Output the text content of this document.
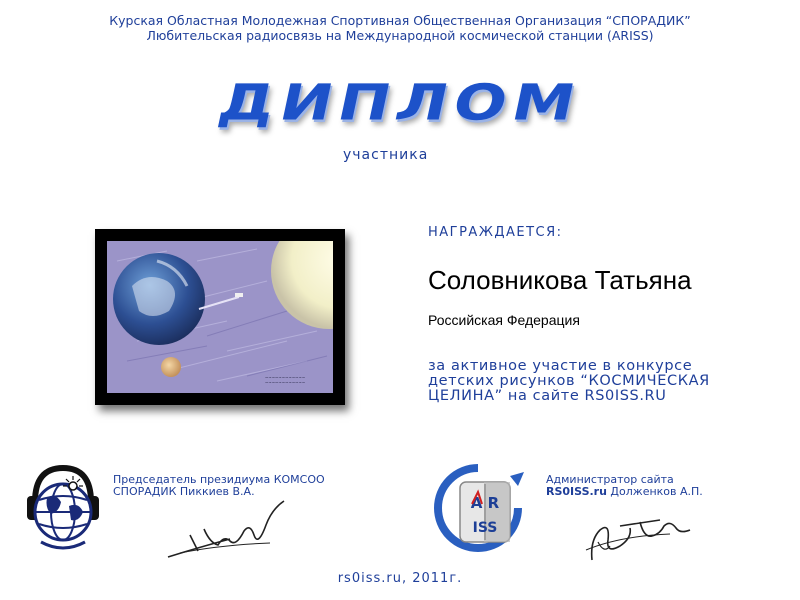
Курская Областная Молодежная Спортивная Общественная Организация “СПОРАДИК”
Любительская радиосвязь на Международной космической станции (ARISS)
ДИПЛОМ
участника
~~~~~~~~~~~~
~~~~~~~~~~~~
НАГРАЖДАЕТСЯ:
Соловникова Татьяна
Российская Федерация
за активное участие в конкурсе
детских рисунков “КОСМИЧЕСКАЯ
ЦЕЛИНА” на сайте RS0ISS.RU
Председатель президиума КОМСОО
СПОРАДИК Пиккиев В.А.
A R
ISS
Администратор сайта
RS0ISS.ru Долженков А.П.
rs0iss.ru, 2011г.
